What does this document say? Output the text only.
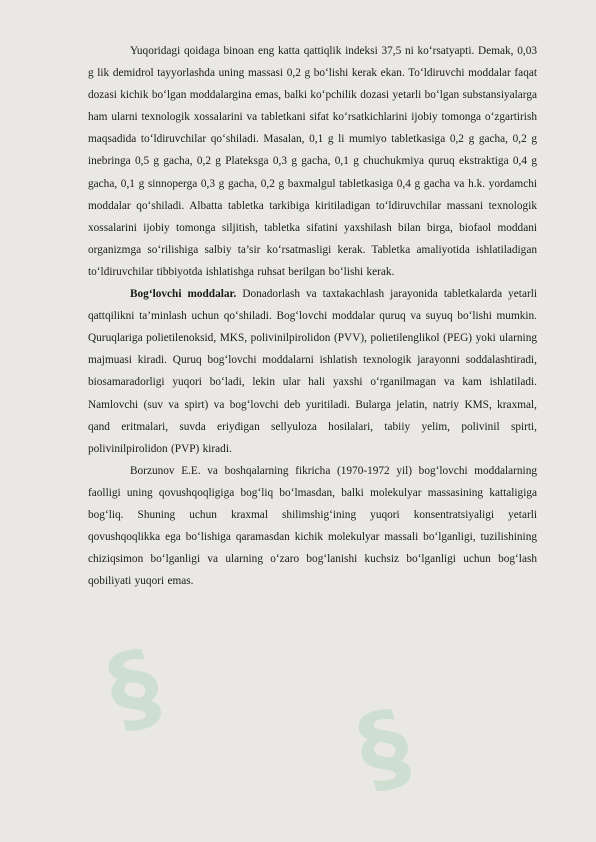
§ §

Yuqoridagi qoidaga binoan eng katta qattiqlik indeksi 37,5 ni ko‘rsatyapti. Demak, 0,03 g lik demidrol tayyorlashda uning massasi 0,2 g bo‘lishi kerak ekan. To‘ldiruvchi moddalar faqat dozasi kichik bo‘lgan moddalargina emas, balki ko‘pchilik dozasi yetarli bo‘lgan substansiyalarga ham ularni texnologik xossalarini va tabletkani sifat ko‘rsatkichlarini ijobiy tomonga o‘zgartirish maqsadida to‘ldiruvchilar qo‘shiladi. Masalan, 0,1 g li mumiyo tabletkasiga 0,2 g gacha, 0,2 g inebringa 0,5 g gacha, 0,2 g Plateksga 0,3 g gacha, 0,1 g chuchukmiya quruq ekstraktiga 0,4 g gacha, 0,1 g sinnoperga 0,3 g gacha, 0,2 g baxmalgul tabletkasiga 0,4 g gacha va h.k. yordamchi moddalar qo‘shiladi. Albatta tabletka tarkibiga kiritiladigan to‘ldiruvchilar massani texnologik xossalarini ijobiy tomonga siljitish, tabletka sifatini yaxshilash bilan birga, biofaol moddani organizmga so‘rilishiga salbiy ta’sir ko‘rsatmasligi kerak. Tabletka amaliyotida ishlatiladigan to‘ldiruvchilar tibbiyotda ishlatishga ruhsat berilgan bo‘lishi kerak.

Bog‘lovchi moddalar. Donadorlash va taxtakachlash jarayonida tabletkalarda yetarli qattqilikni ta’minlash uchun qo‘shiladi. Bog‘lovchi moddalar quruq va suyuq bo‘lishi mumkin. Quruqlariga polietilenoksid, MKS, polivinilpirolidon (PVV), polietilenglikol (PEG) yoki ularning majmuasi kiradi. Quruq bog‘lovchi moddalarni ishlatish texnologik jarayonni soddalashtiradi, biosamaradorligi yuqori bo‘ladi, lekin ular hali yaxshi o‘rganilmagan va kam ishlatiladi. Namlovchi (suv va spirt) va bog‘lovchi deb yuritiladi. Bularga jelatin, natriy KMS, kraxmal, qand eritmalari, suvda eriydigan sellyuloza hosilalari, tabiiy yelim, polivinil spirti, polivinilpirolidon (PVP) kiradi.

Borzunov E.E. va boshqalarning fikricha (1970-1972 yil) bog‘lovchi moddalarning faolligi uning qovushqoqligiga bog‘liq bo‘lmasdan, balki molekulyar massasining kattaligiga bog‘liq. Shuning uchun kraxmal shilimshig‘ining yuqori konsentratsiyaligi yetarli qovushqoqlikka ega bo‘lishiga qaramasdan kichik molekulyar massali bo‘lganligi, tuzilishining chiziqsimon bo‘lganligi va ularning o‘zaro bog‘lanishi kuchsiz bo‘lganligi uchun bog‘lash qobiliyati yuqori emas.
